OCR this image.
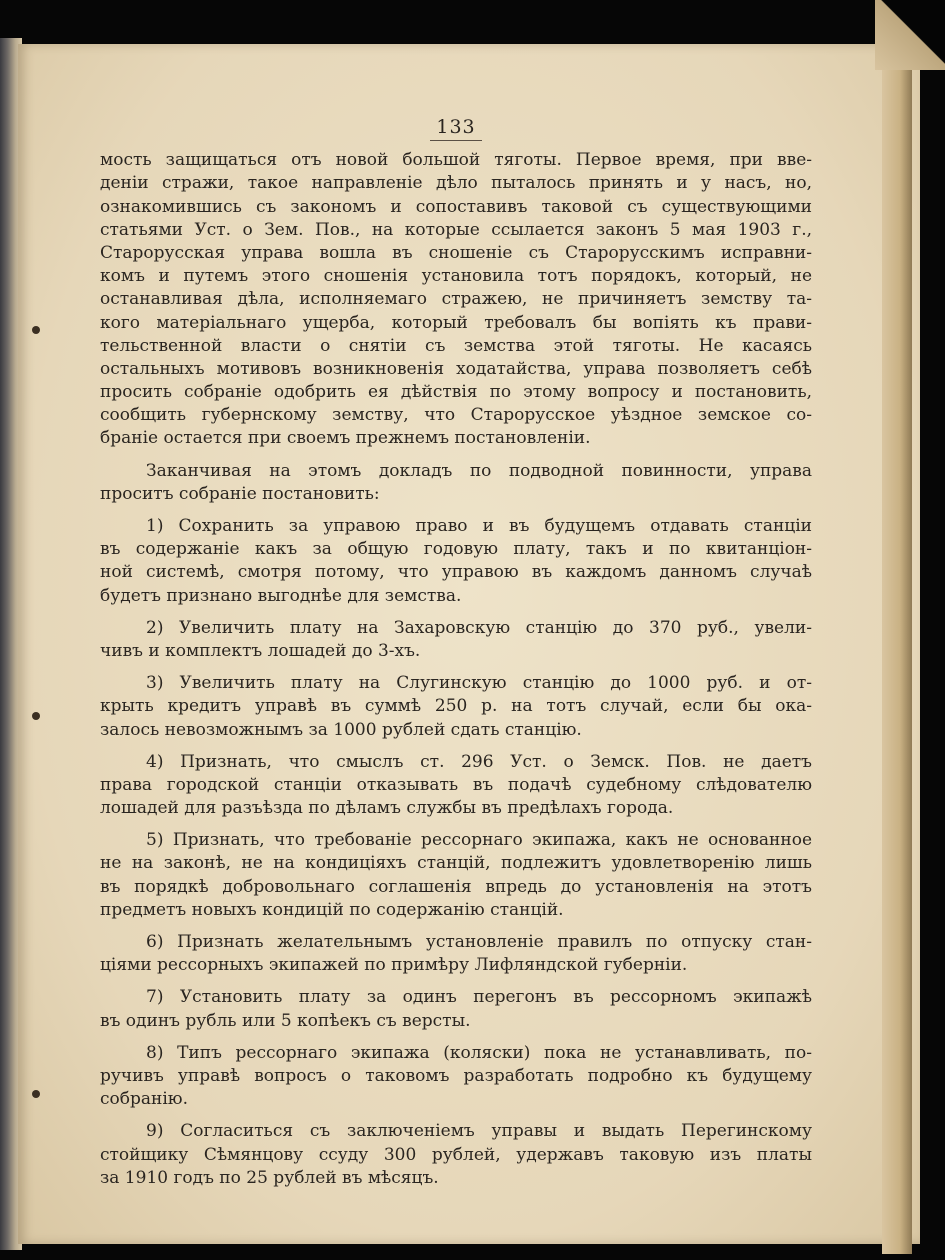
133
мость защищаться отъ новой большой тяготы. Первое время, при вве-
деніи стражи, такое направленіе дѣло пыталось принять и у насъ, но,
ознакомившись съ закономъ и сопоставивъ таковой съ существующими
статьями Уст. о Зем. Пов., на которые ссылается законъ 5 мая 1903 г.,
Старорусская управа вошла въ сношеніе съ Старорусскимъ исправни-
комъ и путемъ этого сношенія установила тотъ порядокъ, который, не
останавливая дѣла, исполняемаго стражею, не причиняетъ земству та-
кого матеріальнаго ущерба, который требовалъ бы вопіять къ прави-
тельственной власти о снятіи съ земства этой тяготы. Не касаясь
остальныхъ мотивовъ возникновенія ходатайства, управа позволяетъ себѣ
просить собраніе одобрить ея дѣйствія по этому вопросу и постановить,
сообщить губернскому земству, что Старорусское уѣздное земское со-
браніе остается при своемъ прежнемъ постановленіи.
Заканчивая на этомъ докладъ по подводной повинности, управа
проситъ собраніе постановить:
1) Сохранить за управою право и въ будущемъ отдавать станціи
въ содержаніе какъ за общую годовую плату, такъ и по квитанціон-
ной системѣ, смотря потому, что управою въ каждомъ данномъ случаѣ
будетъ признано выгоднѣе для земства.
2) Увеличить плату на Захаровскую станцію до 370 руб., увели-
чивъ и комплектъ лошадей до 3-хъ.
3) Увеличить плату на Слугинскую станцію до 1000 руб. и от-
крыть кредитъ управѣ въ суммѣ 250 р. на тотъ случай, если бы ока-
залось невозможнымъ за 1000 рублей сдать станцію.
4) Признать, что смыслъ ст. 296 Уст. о Земск. Пов. не даетъ
права городской станціи отказывать въ подачѣ судебному слѣдователю
лошадей для разъѣзда по дѣламъ службы въ предѣлахъ города.
5) Признать, что требованіе рессорнаго экипажа, какъ не основанное
не на законѣ, не на кондиціяхъ станцій, подлежитъ удовлетворенію лишь
въ порядкѣ добровольнаго соглашенія впредь до установленія на этотъ
предметъ новыхъ кондицій по содержанію станцій.
6) Признать желательнымъ установленіе правилъ по отпуску стан-
ціями рессорныхъ экипажей по примѣру Лифляндской губерніи.
7) Установить плату за одинъ перегонъ въ рессорномъ экипажѣ
въ одинъ рубль или 5 копѣекъ съ версты.
8) Типъ рессорнаго экипажа (коляски) пока не устанавливать, по-
ручивъ управѣ вопросъ о таковомъ разработать подробно къ будущему
собранію.
9) Согласиться съ заключеніемъ управы и выдать Перегинскому
стойщику Сѣмянцову ссуду 300 рублей, удержавъ таковую изъ платы
за 1910 годъ по 25 рублей въ мѣсяцъ.
